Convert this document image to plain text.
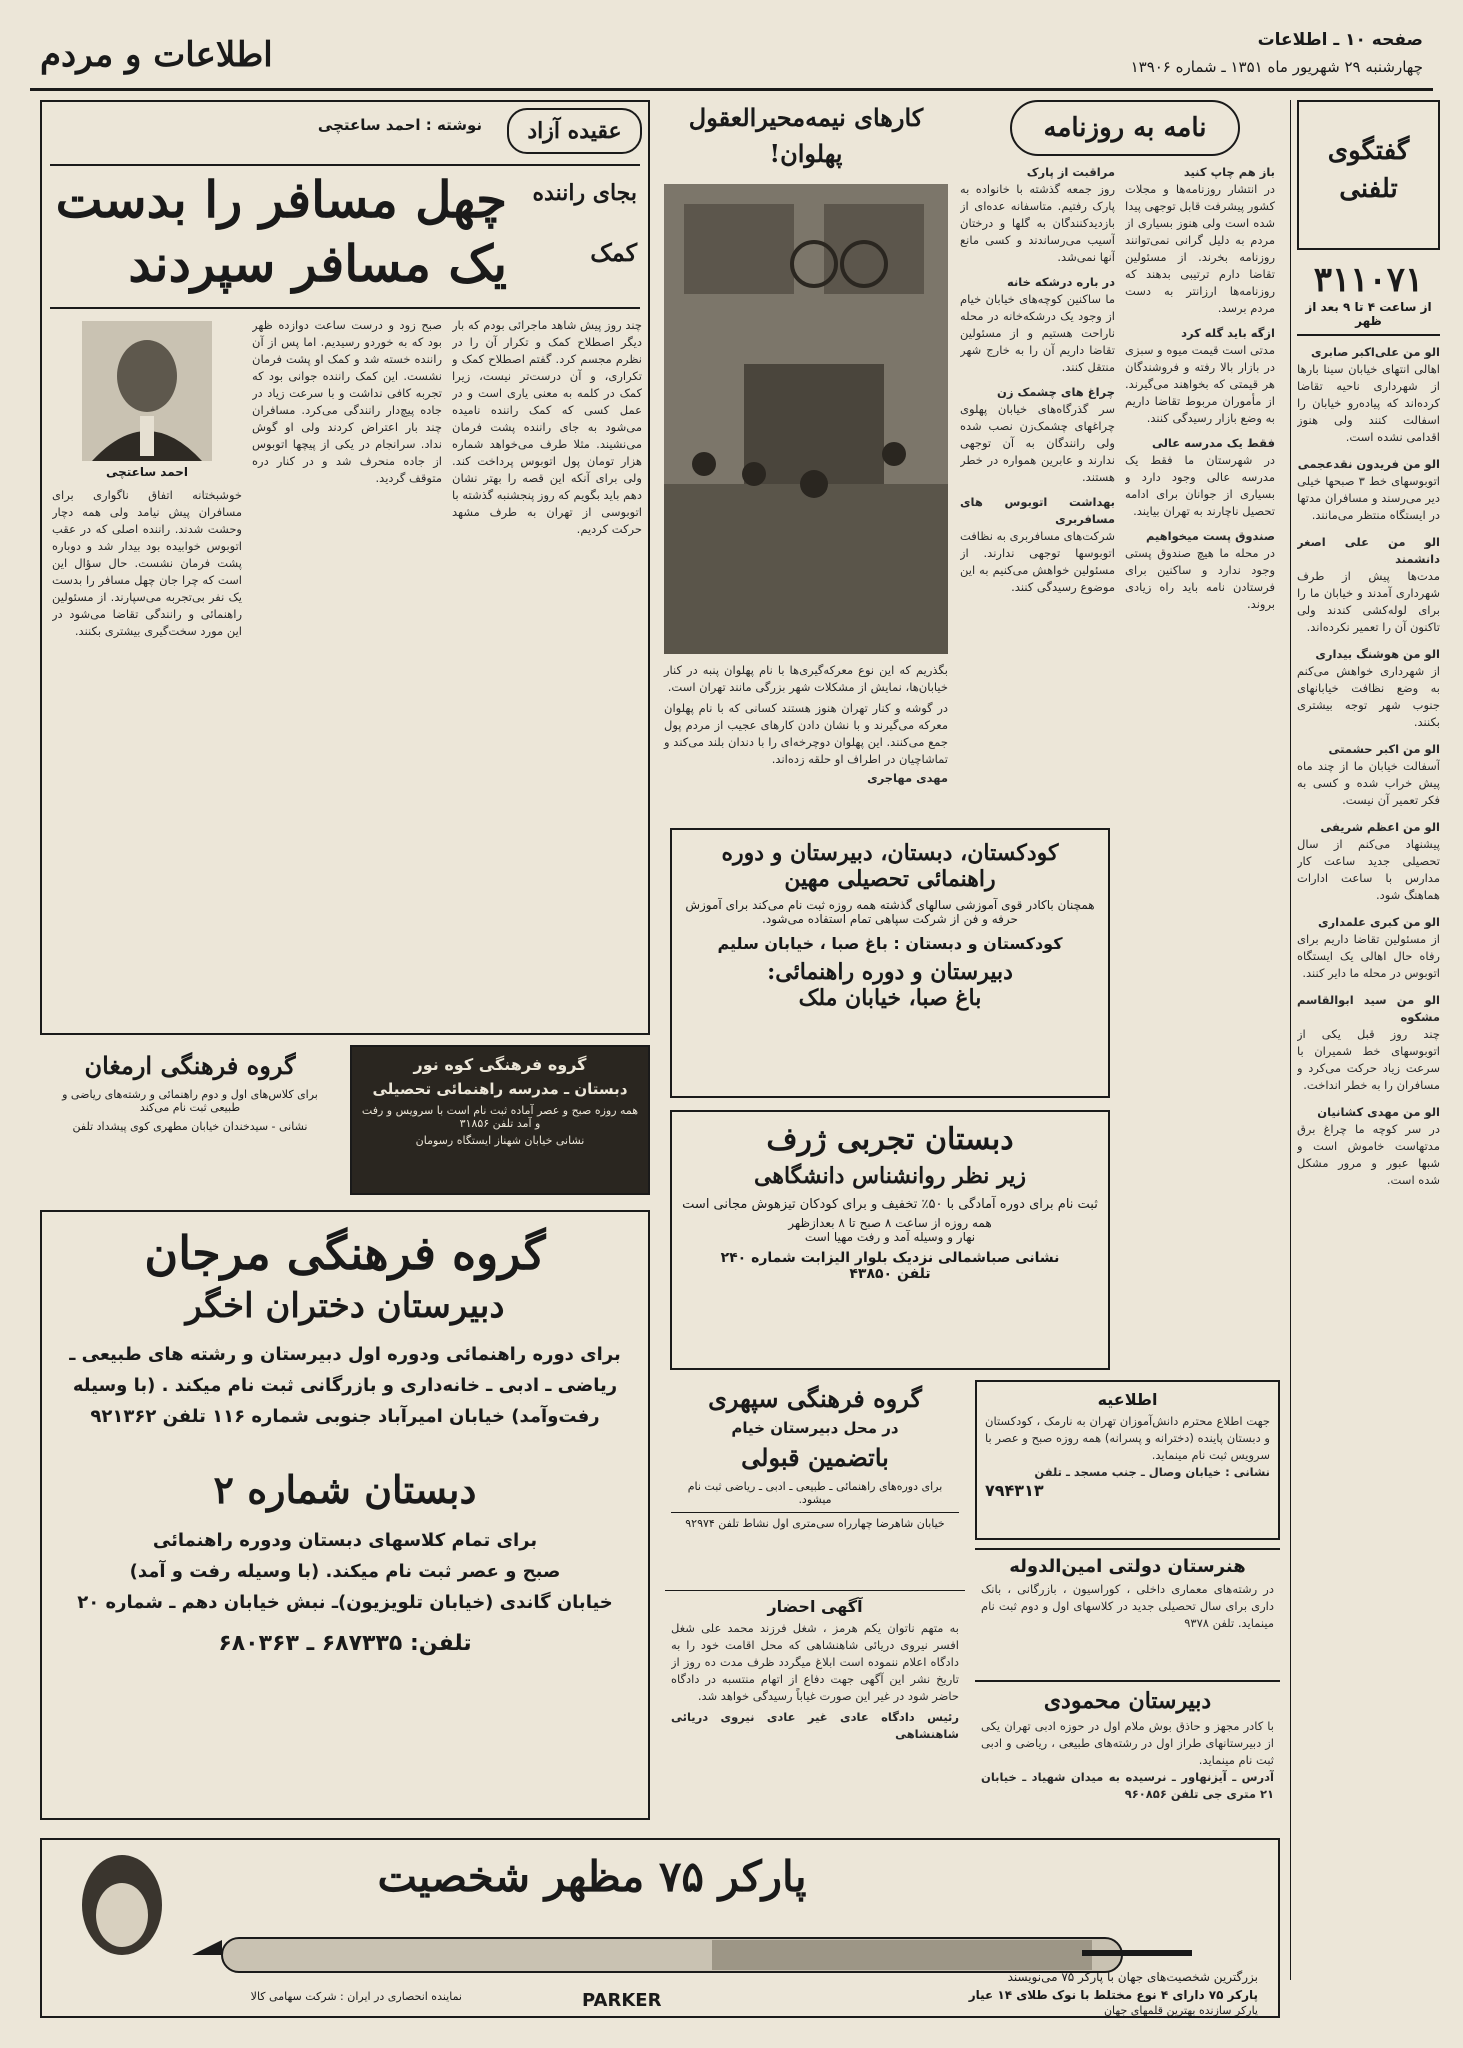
اطلاعات و مردم	صفحه ۱۰ ـ اطلاعات
چهارشنبه ۲۹ شهریور ماه ۱۳۵۱ ـ شماره ۱۳۹۰۶
گفتگوی تلفنی
۳۱۱۰۷۱
از ساعت ۴ تا ۹ بعد از ظهر
الو من علی‌اکبر صابری
اهالی انتهای خیابان سینا بارها از شهرداری ناحیه تقاضا کرده‌اند که پیاده‌رو خیابان را اسفالت کنند ولی هنوز اقدامی نشده است.
الو من فریدون نقدعجمی
اتوبوسهای خط ۳ صبحها خیلی دیر می‌رسند و مسافران مدتها در ایستگاه منتظر می‌مانند.
الو من علی اصغر دانشمند
مدت‌ها پیش از طرف شهرداری آمدند و خیابان ما را برای لوله‌کشی کندند ولی تاکنون آن را تعمیر نکرده‌اند.
الو من هوشنگ بیداری
از شهرداری خواهش می‌کنم به وضع نظافت خیابانهای جنوب شهر توجه بیشتری بکنند.
الو من اکبر حشمتی
آسفالت خیابان ما از چند ماه پیش خراب شده و کسی به فکر تعمیر آن نیست.
الو من اعظم شریفی
پیشنهاد می‌کنم از سال تحصیلی جدید ساعت کار مدارس با ساعت ادارات هماهنگ شود.
الو من کبری علمداری
از مسئولین تقاضا داریم برای رفاه حال اهالی یک ایستگاه اتوبوس در محله ما دایر کنند.
الو من سید ابوالقاسم مشکوه
چند روز قبل یکی از اتوبوسهای خط شمیران با سرعت زیاد حرکت می‌کرد و مسافران را به خطر انداخت.
الو من مهدی کشانیان
در سر کوچه ما چراغ برق مدتهاست خاموش است و شبها عبور و مرور مشکل شده است.
نامه به روزنامه
باز هم چاپ کنید
در انتشار روزنامه‌ها و مجلات کشور پیشرفت قابل توجهی پیدا شده است ولی هنوز بسیاری از مردم به دلیل گرانی نمی‌توانند روزنامه بخرند. از مسئولین تقاضا دارم ترتیبی بدهند که روزنامه‌ها ارزانتر به دست مردم برسد.
ازگه باید گله کرد
مدتی است قیمت میوه و سبزی در بازار بالا رفته و فروشندگان هر قیمتی که بخواهند می‌گیرند. از مأموران مربوط تقاضا داریم به وضع بازار رسیدگی کنند.
فقط یک مدرسه عالی
در شهرستان ما فقط یک مدرسه عالی وجود دارد و بسیاری از جوانان برای ادامه تحصیل ناچارند به تهران بیایند.
صندوق پست میخواهیم
در محله ما هیچ صندوق پستی وجود ندارد و ساکنین برای فرستادن نامه باید راه زیادی بروند.
مراقبت از پارک
روز جمعه گذشته با خانواده به پارک رفتیم. متاسفانه عده‌ای از بازدیدکنندگان به گلها و درختان آسیب می‌رساندند و کسی مانع آنها نمی‌شد.
در باره درشکه خانه
ما ساکنین کوچه‌های خیابان خیام از وجود یک درشکه‌خانه در محله ناراحت هستیم و از مسئولین تقاضا داریم آن را به خارج شهر منتقل کنند.
چراغ های چشمک زن
سر گذرگاه‌های خیابان پهلوی چراغهای چشمک‌زن نصب شده ولی رانندگان به آن توجهی ندارند و عابرین همواره در خطر هستند.
بهداشت اتوبوس های مسافربری
شرکت‌های مسافربری به نظافت اتوبوسها توجهی ندارند. از مسئولین خواهش می‌کنیم به این موضوع رسیدگی کنند.
کارهای نیمه‌محیرالعقول پهلوان!
بگذریم که این نوع معرکه‌گیری‌ها با نام پهلوان پنبه در کنار خیابان‌ها، نمایش از مشکلات شهر بزرگی مانند تهران است.
در گوشه و کنار تهران هنوز هستند کسانی که با نام پهلوان معرکه می‌گیرند و با نشان دادن کارهای عجیب از مردم پول جمع می‌کنند. این پهلوان دوچرخه‌ای را با دندان بلند می‌کند و تماشاچیان در اطراف او حلقه زده‌اند.
مهدی مهاجری
عقیده آزاد
نوشته : احمد ساعتچی
بجای راننده
کمک
چهل مسافر را بدست
یک مسافر سپردند
چند روز پیش شاهد ماجرائی بودم که بار دیگر اصطلاح کمک و تکرار آن را در نظرم مجسم کرد. گفتم اصطلاح کمک و تکراری، و آن درست‌تر نیست، زیرا کمک در کلمه به معنی یاری است و در عمل کسی که کمک راننده نامیده می‌شود به جای راننده پشت فرمان می‌نشیند. مثلا طرف می‌خواهد شماره هزار تومان پول اتوبوس پرداخت کند. ولی برای آنکه این قصه را بهتر نشان دهم باید بگویم که روز پنجشنبه گذشته با اتوبوسی از تهران به طرف مشهد حرکت کردیم.
صبح زود و درست ساعت دوازده ظهر بود که به خوردو رسیدیم. اما پس از آن راننده خسته شد و کمک او پشت فرمان نشست. این کمک راننده جوانی بود که تجربه کافی نداشت و با سرعت زیاد در جاده پیچ‌دار رانندگی می‌کرد. مسافران چند بار اعتراض کردند ولی او گوش نداد. سرانجام در یکی از پیچها اتوبوس از جاده منحرف شد و در کنار دره متوقف گردید.
احمد ساعتچی
خوشبختانه اتفاق ناگواری برای مسافران پیش نیامد ولی همه دچار وحشت شدند. راننده اصلی که در عقب اتوبوس خوابیده بود بیدار شد و دوباره پشت فرمان نشست. حال سؤال این است که چرا جان چهل مسافر را بدست یک نفر بی‌تجربه می‌سپارند. از مسئولین راهنمائی و رانندگی تقاضا می‌شود در این مورد سخت‌گیری بیشتری بکنند.
کودکستان، دبستان، دبیرستان و دوره
راهنمائی تحصیلی مهین
همچنان باکادر قوی آموزشی سالهای گذشته همه روزه ثبت نام می‌کند برای آموزش حرفه و فن از شرکت سپاهی تمام استفاده می‌شود.
کودکستان و دبستان : باغ صبا ، خیابان سلیم
دبیرستان و دوره راهنمائی:
باغ صبا، خیابان ملک
دبستان تجربی ژرف
زیر نظر روانشناس دانشگاهی
ثبت نام برای دوره آمادگی با ۵۰٪ تخفیف و برای کودکان تیزهوش مجانی است
همه روزه از ساعت ۸ صبح تا ۸ بعدازظهر
نهار و وسیله آمد و رفت مهیا است
نشانی صباشمالی نزدیک بلوار الیزابت شماره ۲۴۰
تلفن ۴۳۸۵۰
گروه فرهنگی ارمغان
برای کلاس‌های اول و دوم راهنمائی و رشته‌های ریاضی و طبیعی ثبت نام می‌کند
نشانی - سیدخندان خیابان مطهری کوی پیشداد تلفن
گروه فرهنگی کوه نور
دبستان ـ مدرسه راهنمائی تحصیلی
همه روزه صبح و عصر آماده ثبت نام است با سرویس و رفت و آمد تلفن ۳۱۸۵۶
نشانی خیابان شهناز ایستگاه رسومان
گروه فرهنگی مرجان
دبیرستان دختران اخگر
برای دوره راهنمائی ودوره اول دبیرستان و رشته های طبیعی ـ
ریاضی ـ ادبی ـ خانه‌داری و بازرگانی ثبت نام میکند . (با وسیله
رفت‌وآمد) خیابان امیرآباد جنوبی شماره ۱۱۶ تلفن ۹۲۱۳۶۲
دبستان شماره ۲
برای تمام کلاسهای دبستان ودوره راهنمائی
صبح و عصر ثبت نام میکند. (با وسیله رفت و آمد)
خیابان گاندی (خیابان تلویزیون)ـ نبش خیابان دهم ـ شماره ۲۰
تلفن: ۶۸۷۳۳۵ ـ ۶۸۰۳۶۳
اطلاعیه
جهت اطلاع محترم دانش‌آموزان تهران به نارمک ، کودکستان و دبستان پاینده (دخترانه و پسرانه) همه روزه صبح و عصر با سرویس ثبت نام مینماید.
نشانی : خیابان وصال ـ جنب مسجد ـ تلفن
۷۹۴۳۱۳
گروه فرهنگی سپهری
در محل دبیرستان خیام
باتضمین قبولی
برای دوره‌های راهنمائی ـ طبیعی ـ ادبی ـ ریاضی ثبت نام میشود.
خیابان شاهرضا چهارراه سی‌متری اول نشاط تلفن ۹۲۹۷۴
آگهی احضار
به متهم ناتوان یکم هرمز ، شغل فرزند محمد علی شغل افسر نیروی دریائی شاهنشاهی که محل اقامت خود را به دادگاه اعلام ننموده است ابلاغ میگردد ظرف مدت ده روز از تاریخ نشر این آگهی جهت دفاع از اتهام منتسبه در دادگاه حاضر شود در غیر این صورت غیاباً رسیدگی خواهد شد.
رئیس دادگاه عادی غیر عادی نیروی دریائی شاهنشاهی
هنرستان دولتی امین‌الدوله
در رشته‌های معماری داخلی ، کوراسیون ، بازرگانی ، بانک داری برای سال تحصیلی جدید در کلاسهای اول و دوم ثبت نام مینماید. تلفن ۹۳۷۸
دبیرستان محمودی
با کادر مجهز و حاذق بوش ملام اول در حوزه ادبی تهران یکی از دبیرستانهای طراز اول در رشته‌های طبیعی ، ریاضی و ادبی ثبت نام مینماید.
آدرس ـ آیزنهاور ـ نرسیده به میدان شهیاد ـ خیابان ۲۱ متری جی تلفن ۹۶۰۸۵۶
پارکر ۷۵ مظهر شخصیت
بزرگترین شخصیت‌های جهان با پارکر ۷۵ می‌نویسند
پارکر ۷۵ دارای ۴ نوع مختلط با نوک طلای ۱۴ عیار
PARKER
نماینده انحصاری در ایران : شرکت سهامی کالا
پارکر سازنده بهترین قلمهای جهان
